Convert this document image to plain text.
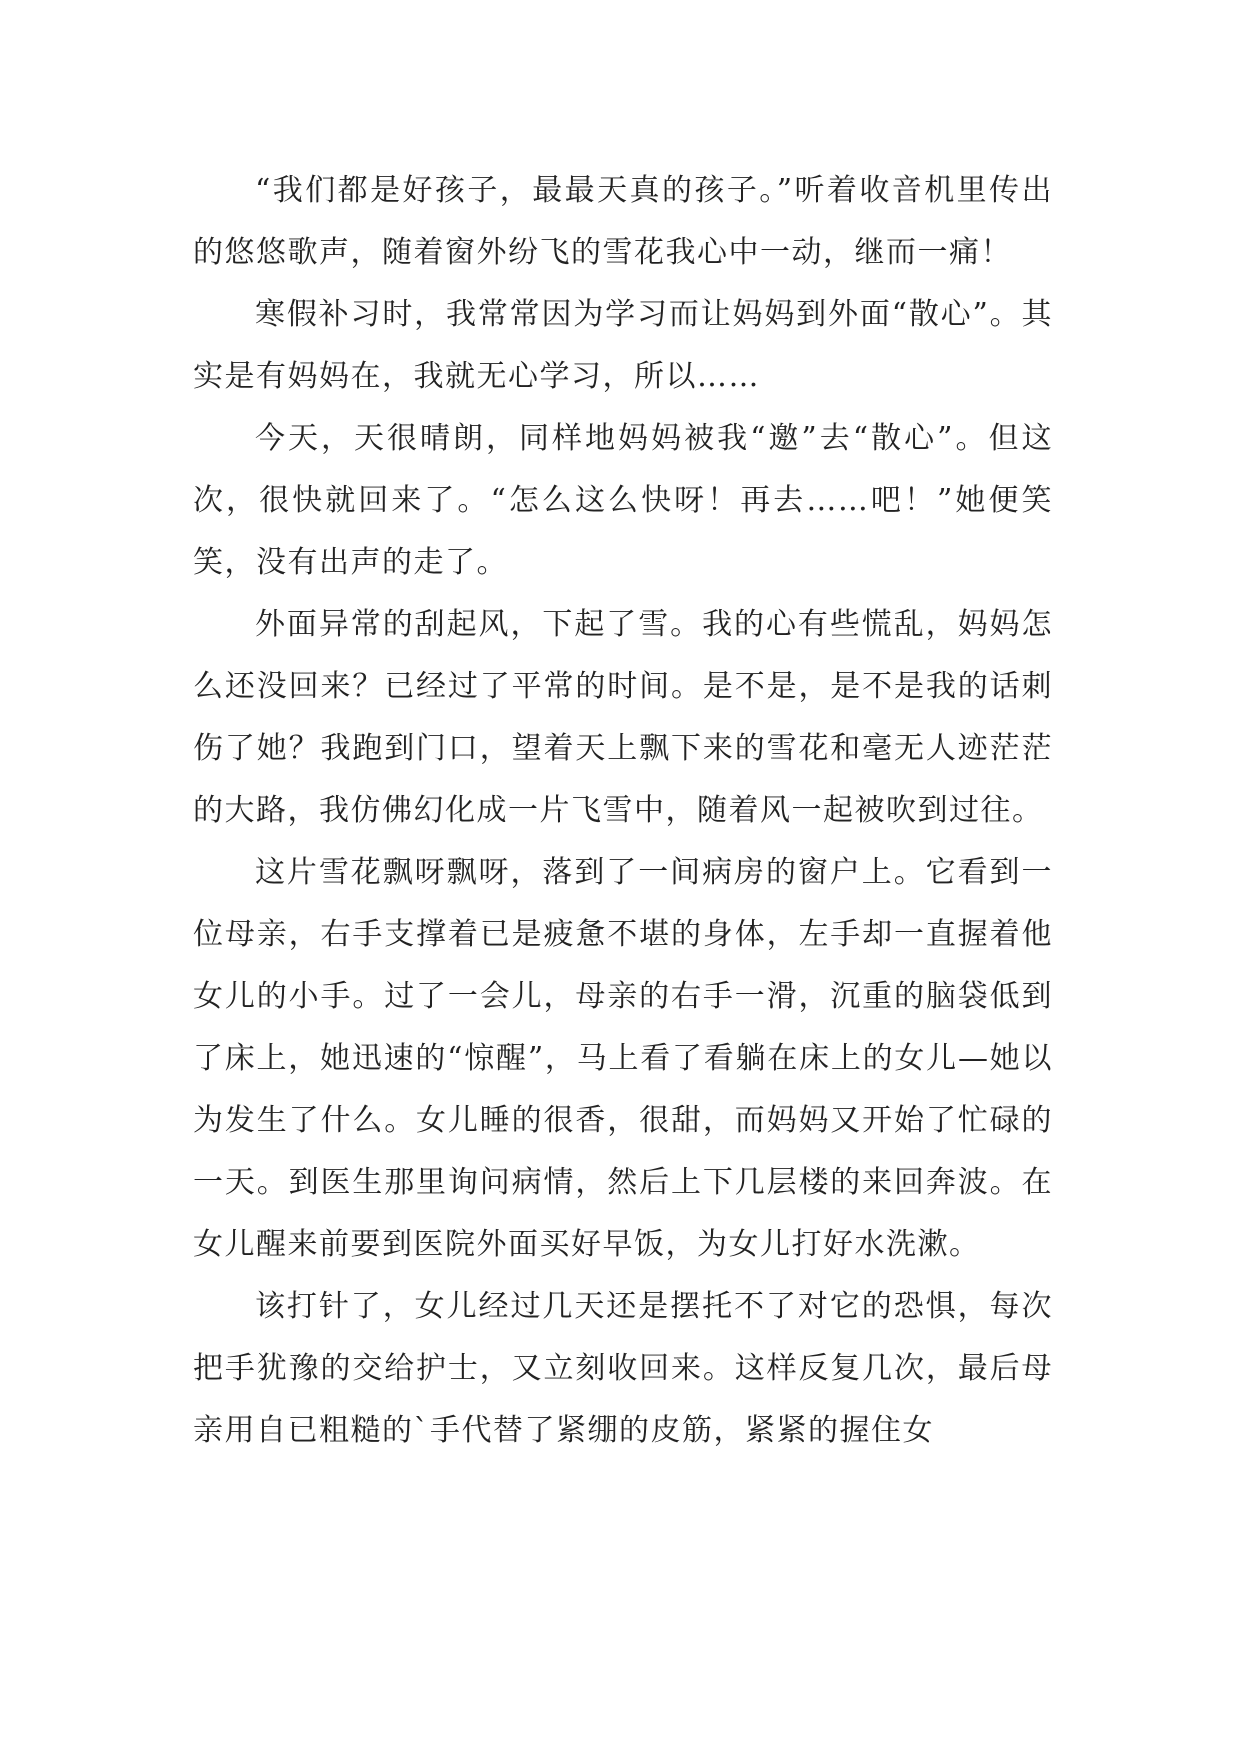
“我们都是好孩子，最最天真的孩子。”听着收音机里传出的悠悠歌声，随着窗外纷飞的雪花我心中一动，继而一痛！

寒假补习时，我常常因为学习而让妈妈到外面“散心”。其实是有妈妈在，我就无心学习，所以……

今天，天很晴朗，同样地妈妈被我“邀”去“散心”。但这次，很快就回来了。“怎么这么快呀！再去……吧！”她便笑笑，没有出声的走了。

外面异常的刮起风，下起了雪。我的心有些慌乱，妈妈怎么还没回来？已经过了平常的时间。是不是，是不是我的话刺伤了她？我跑到门口，望着天上飘下来的雪花和毫无人迹茫茫的大路，我仿佛幻化成一片飞雪中，随着风一起被吹到过往。

这片雪花飘呀飘呀，落到了一间病房的窗户上。它看到一位母亲，右手支撑着已是疲惫不堪的身体，左手却一直握着他女儿的小手。过了一会儿，母亲的右手一滑，沉重的脑袋低到了床上，她迅速的“惊醒”，马上看了看躺在床上的女儿—她以为发生了什么。女儿睡的很香，很甜，而妈妈又开始了忙碌的一天。到医生那里询问病情，然后上下几层楼的来回奔波。在女儿醒来前要到医院外面买好早饭，为女儿打好水洗漱。

该打针了，女儿经过几天还是摆托不了对它的恐惧，每次把手犹豫的交给护士，又立刻收回来。这样反复几次，最后母亲用自已粗糙的`手代替了紧绷的皮筋，紧紧的握住女
